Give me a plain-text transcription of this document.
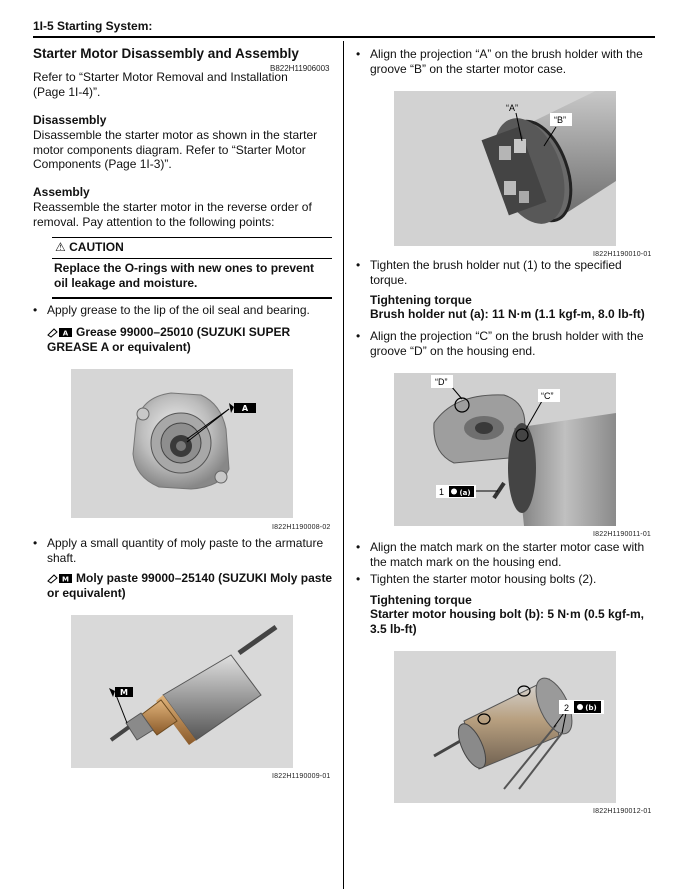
1I-5 Starting System:
Starter Motor Disassembly and Assembly
B822H11906003
Refer to “Starter Motor Removal and Installation (Page 1I-4)”.
Disassembly
Disassemble the starter motor as shown in the starter motor components diagram. Refer to “Starter Motor Components (Page 1I-3)”.
Assembly
Reassemble the starter motor in the reverse order of removal. Pay attention to the following points:
⚠ CAUTION
Replace the O-rings with new ones to prevent oil leakage and moisture.
• Apply grease to the lip of the oil seal and bearing.
A Grease 99000–25010 (SUZUKI SUPER GREASE A or equivalent)
A
I822H1190008-02
• Apply a small quantity of moly paste to the armature shaft.
M Moly paste 99000–25140 (SUZUKI Moly paste or equivalent)
M
I822H1190009-01
• Align the projection “A” on the brush holder with the groove “B” on the starter motor case.
“A”
“B”
I822H1190010-01
• Tighten the brush holder nut (1) to the specified torque.
Tightening torque
Brush holder nut (a): 11 N·m (1.1 kgf-m, 8.0 lb-ft)
• Align the projection “C” on the brush holder with the groove “D” on the housing end.
“D”
“C”
1 (a)
I822H1190011-01
• Align the match mark on the starter motor case with the match mark on the housing end.
• Tighten the starter motor housing bolts (2).
Tightening torque
Starter motor housing bolt (b): 5 N·m (0.5 kgf-m, 3.5 lb-ft)
2 (b)
I822H1190012-01
